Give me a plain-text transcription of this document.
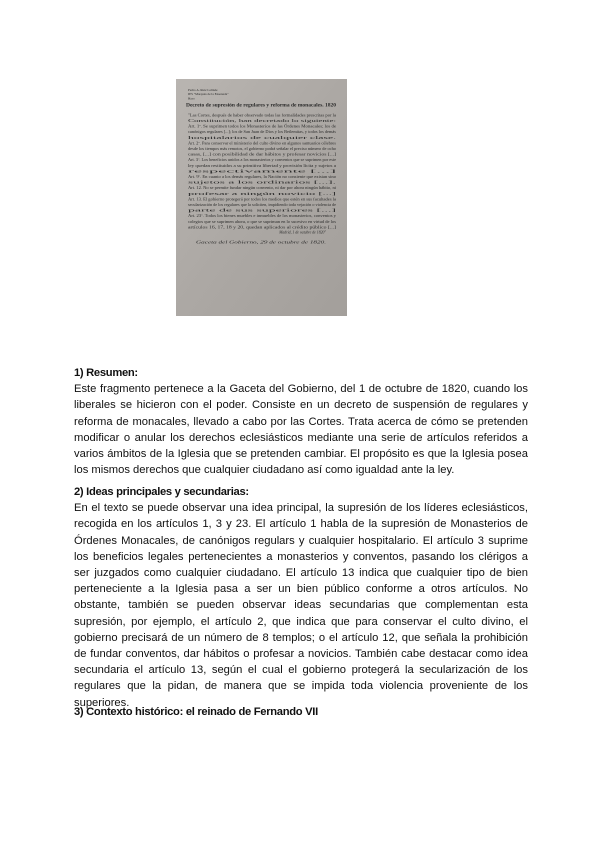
Pedro A. Ruiz Lalinde
IES "Marqués de la Ensenada"
Haro
Decreto de supresión de regulares y reforma de monacales. 1820
"Las Cortes, después de haber observado todas las formalidades prescritas por la
Constitución, han decretado lo siguiente:
Art. 1º. Se suprimen todos los Monasterios de las Órdenes Monacales; los de
canónigos regulares [...]; los de San Juan de Dios y los Betlemitas, y todos los demás
hospitalarios de cualquier clase.
Art. 2º. Para conservar el ministerio del culto divino en algunos santuarios célebres
desde los tiempos más remotos, el gobierno podrá señalar el preciso número de ocho
casas, [...] con posibilidad de dar hábitos y profesar novicios [...]
Art. 3º. Los beneficios unidos a los monasterios y conventos que se suprimen por este
ley quedan restituidos a su primitiva libertad y provisión lícita y sujetos a
respectivamente [...]
Art. 9º. En cuanto a los demás regulares, la Nación no consiente que existan sino
sujetos a los ordinarios [...].
Art. 12. No se permite fundar ningún convento, ni dar por ahora ningún hábito, ni
profesar a ningún novicio [...]
Art. 13. El gobierno protegerá por todos los medios que estén en sus facultades la
secularización de los regulares que la soliciten, impidiendo toda vejación o violencia de
parte de sus superiores [...]
Art. 23º. Todos los bienes muebles e inmuebles de los monasterios, conventos y
colegios que se suprimen ahora, o que se supriman en lo sucesivo en virtud de los
artículos 16, 17, 18 y 20, quedan aplicados al crédito público [...]
Madrid, 1 de octubre de 1820"
Gaceta del Gobierno, 29 de octubre de 1820.
1) Resumen:

Este fragmento pertenece a la Gaceta del Gobierno, del 1 de octubre de 1820, cuando los liberales se hicieron con el poder. Consiste en un decreto de suspensión de regulares y reforma de monacales, llevado a cabo por las Cortes. Trata acerca de cómo se pretenden modificar o anular los derechos eclesiásticos mediante una serie de artículos referidos a varios ámbitos de la Iglesia que se pretenden cambiar. El propósito es que la Iglesia posea los mismos derechos que cualquier ciudadano así como igualdad ante la ley.

2) Ideas principales y secundarias:

En el texto se puede observar una idea principal, la supresión de los líderes eclesiásticos, recogida en los artículos 1, 3 y 23. El artículo 1 habla de la supresión de Monasterios de Órdenes Monacales, de canónigos regulars y cualquier hospitalario. El artículo 3 suprime los beneficios legales pertenecientes a monasterios y conventos, pasando los clérigos a ser juzgados como cualquier ciudadano. El artículo 13 indica que cualquier tipo de bien perteneciente a la Iglesia pasa a ser un bien público conforme a otros artículos. No obstante, también se pueden observar ideas secundarias que complementan esta supresión, por ejemplo, el artículo 2, que indica que para conservar el culto divino, el gobierno precisará de un número de 8 templos; o el artículo 12, que señala la prohibición de fundar conventos, dar hábitos o profesar a novicios. También cabe destacar como idea secundaria el artículo 13, según el cual el gobierno protegerá la secularización de los regulares que la pidan, de manera que se impida toda violencia proveniente de los superiores.

3) Contexto histórico: el reinado de Fernando VII
